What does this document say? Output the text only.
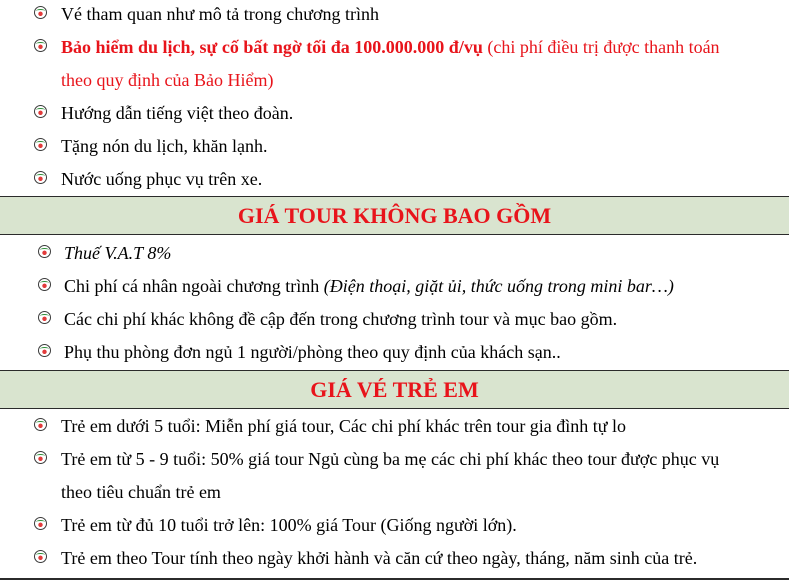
Vé tham quan như mô tả trong chương trình
Bảo hiểm du lịch, sự cố bất ngờ tối đa 100.000.000 đ/vụ (chi phí điều trị được thanh toán
theo quy định của Bảo Hiểm)
Hướng dẫn tiếng việt theo đoàn.
Tặng nón du lịch, khăn lạnh.
Nước uống phục vụ trên xe.
GIÁ TOUR KHÔNG BAO GỒM
Thuế V.A.T 8%
Chi phí cá nhân ngoài chương trình (Điện thoại, giặt ủi, thức uống trong mini bar…)
Các chi phí khác không đề cập đến trong chương trình tour và mục bao gồm.
Phụ thu phòng đơn ngủ 1 người/phòng theo quy định của khách sạn..
GIÁ VÉ TRẺ EM
Trẻ em dưới 5 tuổi: Miễn phí giá tour, Các chi phí khác trên tour gia đình tự lo
Trẻ em từ 5 - 9 tuổi: 50% giá tour Ngủ cùng ba mẹ các chi phí khác theo tour được phục vụ
theo tiêu chuẩn trẻ em
Trẻ em từ đủ 10 tuổi trở lên: 100% giá Tour (Giống người lớn).
Trẻ em theo Tour tính theo ngày khởi hành và căn cứ theo ngày, tháng, năm sinh của trẻ.
